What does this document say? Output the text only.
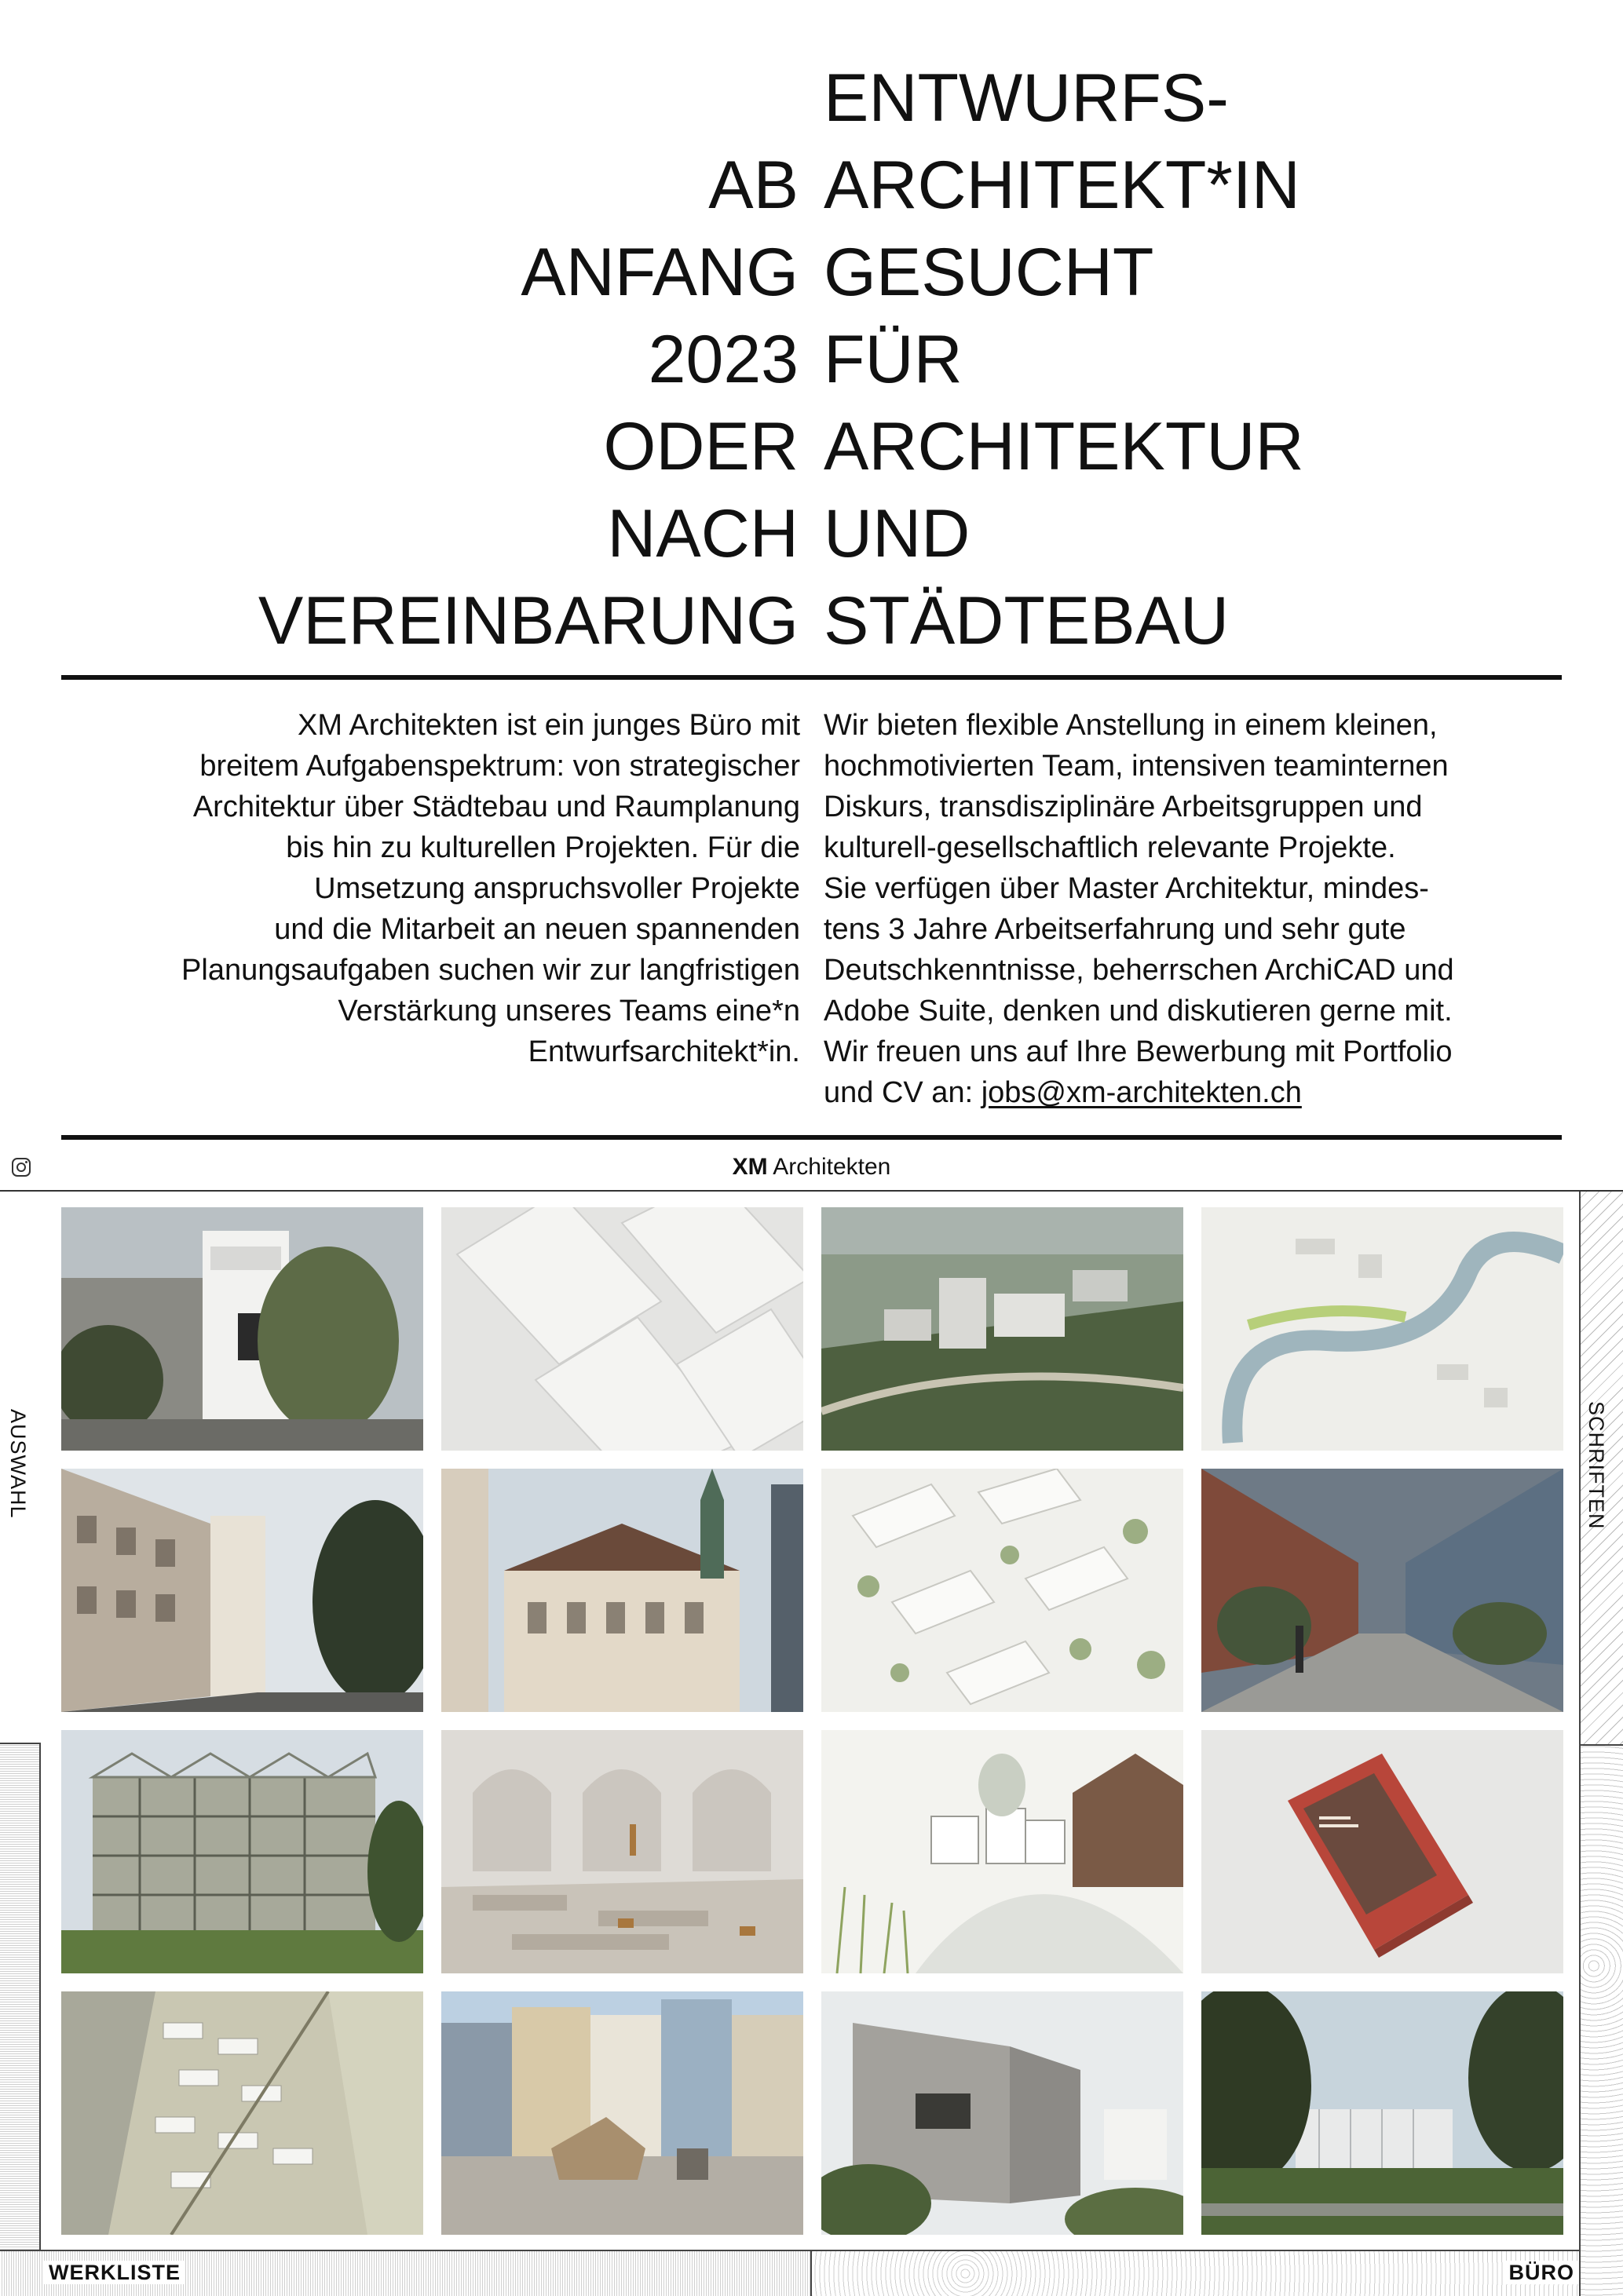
AB
ANFANG
2023
ODER
NACH
VEREINBARUNG
ENTWURFS-
ARCHITEKT*IN
GESUCHT
FÜR
ARCHITEKTUR
UND
STÄDTEBAU
XM Architekten ist ein junges Büro mit
breitem Aufgabenspektrum: von strategischer
Architektur über Städtebau und Raumplanung
bis hin zu kulturellen Projekten. Für die
Umsetzung anspruchsvoller Projekte
und die Mitarbeit an neuen spannenden
Planungsaufgaben suchen wir zur langfristigen
Verstärkung unseres Teams eine*n
Entwurfsarchitekt*in.
Wir bieten flexible Anstellung in einem kleinen,
hochmotivierten Team, intensiven teaminternen
Diskurs, transdisziplinäre Arbeitsgruppen und
kulturell-gesellschaftlich relevante Projekte.
Sie verfügen über Master Architektur, mindes-
tens 3 Jahre Arbeitserfahrung und sehr gute
Deutschkenntnisse, beherrschen ArchiCAD und
Adobe Suite, denken und diskutieren gerne mit.
Wir freuen uns auf Ihre Bewerbung mit Portfolio
und CV an: jobs@xm-architekten.ch
XM Architekten
AUSWAHL	SCHRIFTEN
WERKLISTE	BÜRO
